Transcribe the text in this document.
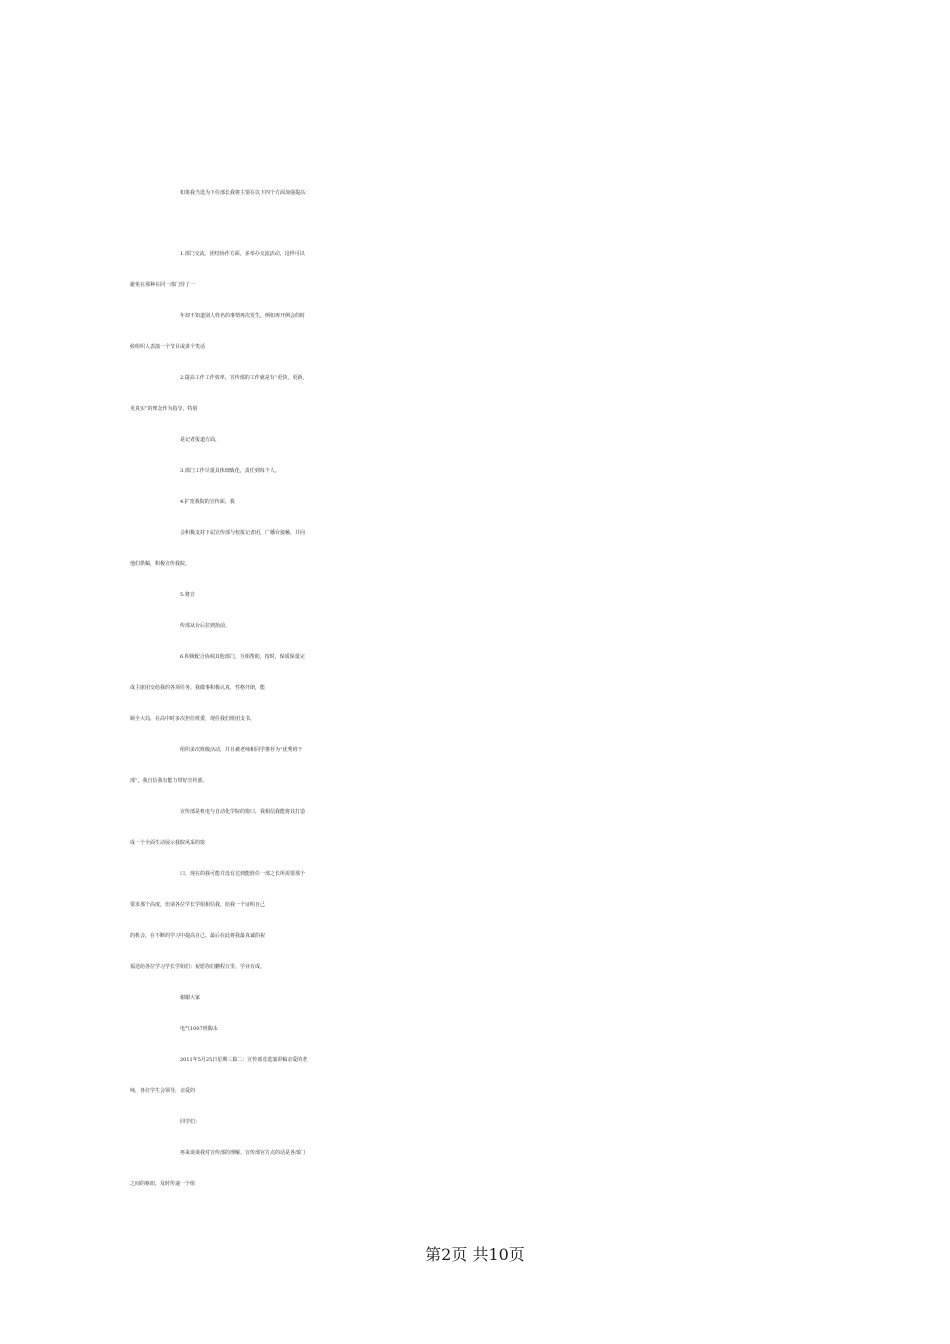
如果我当选为下任部长我将主要在以下四个方面加强提高：
1.部门交流，团结协作方面，多举办交流活动，这样可以
避免在那种在同一部门待了一
年却不知道别人姓名的事情再次发生，例如再开例会的时
候组织人表演一个节目或讲个笑话
2.提高工作工作效率，宣传部的工作就是有“更快，更新，
更真实”的理念作为指导，特别
是记者报道方面，
3.部门工作尽量具体细致化，责任到每个人。
4.扩宽我院的宣传面，我
会积极支持下届宣传部与校报记者团，广播台接触，并向
他们供稿，积极宣传我院。
5.将宣
传部从台后拉到抬前。
6.积极配合协调其他部门，互相帮助，按时，保质保量完
成主席团交给我的各项任务。我做事积极认真，性格开朗，能
顾全大局，在高中时多次担任班委，现任我们班团支书，
组织多次班级活动，并且被老师和同学推荐为“优秀班干
部”，我自信我有能力带好宣传部。
宣传部是机电与自动化学院的窗口，我相信我能将其打造
成一个全面生动展示我院风采的窗
口，现在的我可能并没有达到能胜任一部之长所需要那个
要求那个高度，但请各位学长学姐相信我，给我一个证明自己
的机会，在不断的学习中提高自己。最后在此将我最真诚的祝
福送给各位学习学长学姐们：祝愿你们鹏程万里，学业有成。
谢谢大家
电气1007班陶永
2011年5月25日星期三篇二：宣传部竞选演讲稿亲爱的老
师，各位学生会领导，亲爱的
同学们：
再来谈谈我对宣传部的理解。宣传部官方点的话是各部门
之间的枢纽，及时传递一个组
第2页 共10页
